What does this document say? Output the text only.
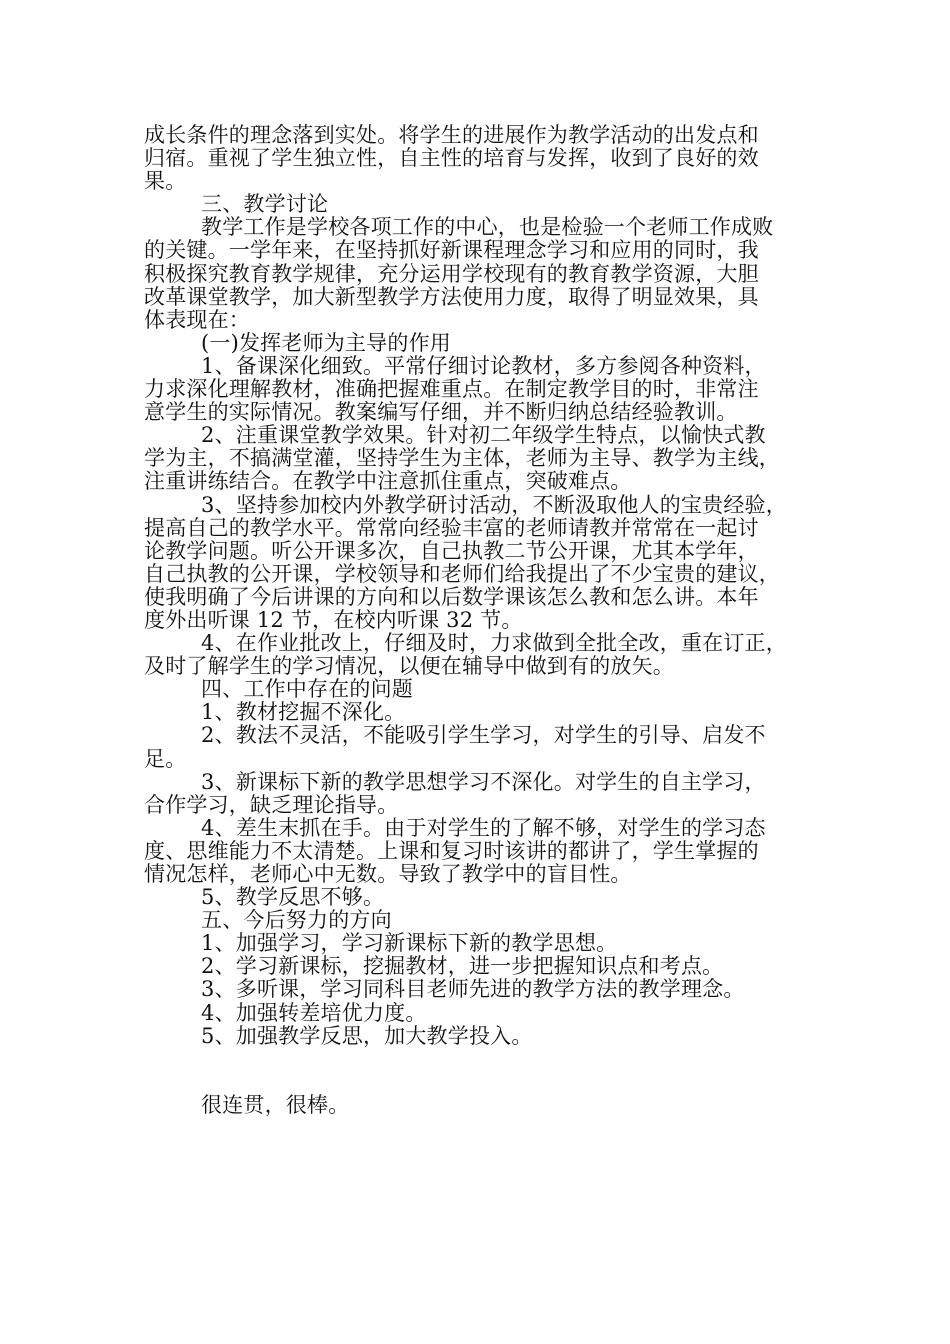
成长条件的理念落到实处。将学生的进展作为教学活动的出发点和
归宿。重视了学生独立性，自主性的培育与发挥，收到了良好的效
果。
三、教学讨论
教学工作是学校各项工作的中心，也是检验一个老师工作成败
的关键。一学年来，在坚持抓好新课程理念学习和应用的同时，我
积极探究教育教学规律，充分运用学校现有的教育教学资源，大胆
改革课堂教学，加大新型教学方法使用力度，取得了明显效果，具
体表现在：
(一)发挥老师为主导的作用
1、备课深化细致。平常仔细讨论教材，多方参阅各种资料，
力求深化理解教材，准确把握难重点。在制定教学目的时，非常注
意学生的实际情况。教案编写仔细，并不断归纳总结经验教训。
2、注重课堂教学效果。针对初二年级学生特点，以愉快式教
学为主，不搞满堂灌，坚持学生为主体，老师为主导、教学为主线，
注重讲练结合。在教学中注意抓住重点，突破难点。
3、坚持参加校内外教学研讨活动，不断汲取他人的宝贵经验，
提高自己的教学水平。常常向经验丰富的老师请教并常常在一起讨
论教学问题。听公开课多次，自己执教二节公开课，尤其本学年，
自己执教的公开课，学校领导和老师们给我提出了不少宝贵的建议，
使我明确了今后讲课的方向和以后数学课该怎么教和怎么讲。本年
度外出听课 12 节，在校内听课 32 节。
4、在作业批改上，仔细及时，力求做到全批全改，重在订正，
及时了解学生的学习情况，以便在辅导中做到有的放矢。
四、工作中存在的问题
1、教材挖掘不深化。
2、教法不灵活，不能吸引学生学习，对学生的引导、启发不
足。
3、新课标下新的教学思想学习不深化。对学生的自主学习，
合作学习，缺乏理论指导。
4、差生末抓在手。由于对学生的了解不够，对学生的学习态
度、思维能力不太清楚。上课和复习时该讲的都讲了，学生掌握的
情况怎样，老师心中无数。导致了教学中的盲目性。
5、教学反思不够。
五、今后努力的方向
1、加强学习，学习新课标下新的教学思想。
2、学习新课标，挖掘教材，进一步把握知识点和考点。
3、多听课，学习同科目老师先进的教学方法的教学理念。
4、加强转差培优力度。
5、加强教学反思，加大教学投入。
很连贯，很棒。
